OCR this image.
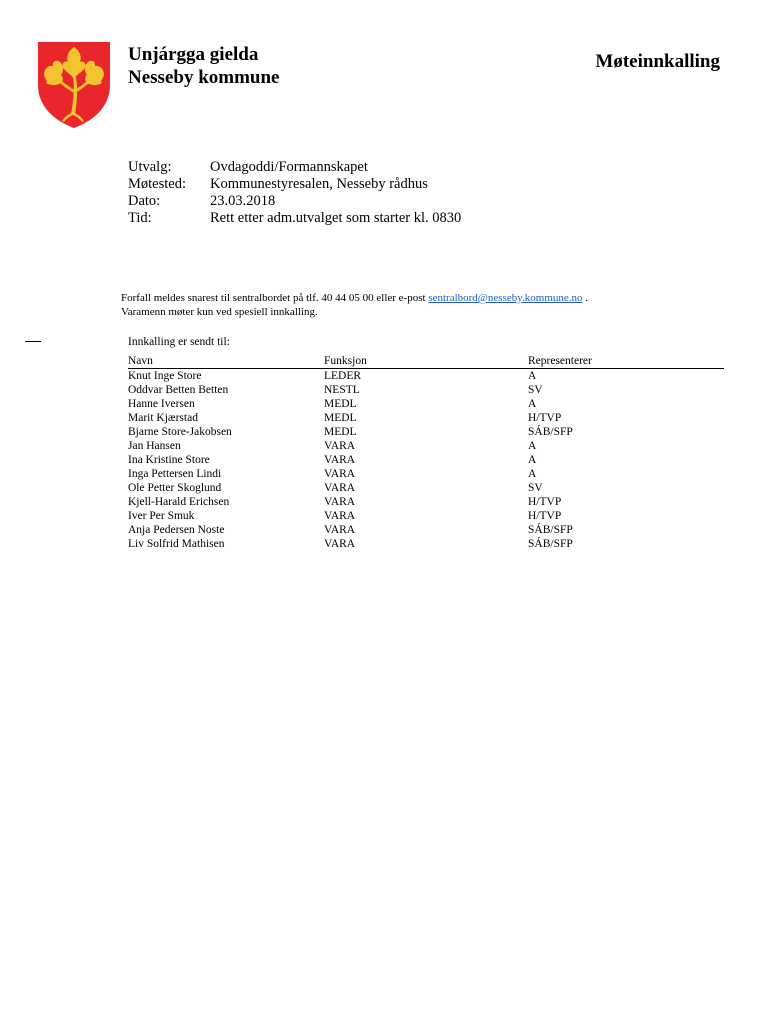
Unjárgga gielda
Nesseby kommune
Møteinnkalling
Utvalg:	Ovdagoddi/Formannskapet
Møtested:	Kommunestyresalen, Nesseby rådhus
Dato:	23.03.2018
Tid:	Rett etter adm.utvalget som starter kl. 0830
Forfall meldes snarest til sentralbordet på tlf. 40 44 05 00 eller e-post sentralbord@nesseby.kommune.no .
Varamenn møter kun ved spesiell innkalling.
Innkalling er sendt til:
Navn	Funksjon	Representerer
Knut Inge Store	LEDER	A
Oddvar Betten Betten	NESTL	SV
Hanne Iversen	MEDL	A
Marit Kjærstad	MEDL	H/TVP
Bjarne Store-Jakobsen	MEDL	SÁB/SFP
Jan Hansen	VARA	A
Ina Kristine Store	VARA	A
Inga Pettersen Lindi	VARA	A
Ole Petter Skoglund	VARA	SV
Kjell-Harald Erichsen	VARA	H/TVP
Iver Per Smuk	VARA	H/TVP
Anja Pedersen Noste	VARA	SÁB/SFP
Liv Solfrid Mathisen	VARA	SÁB/SFP
